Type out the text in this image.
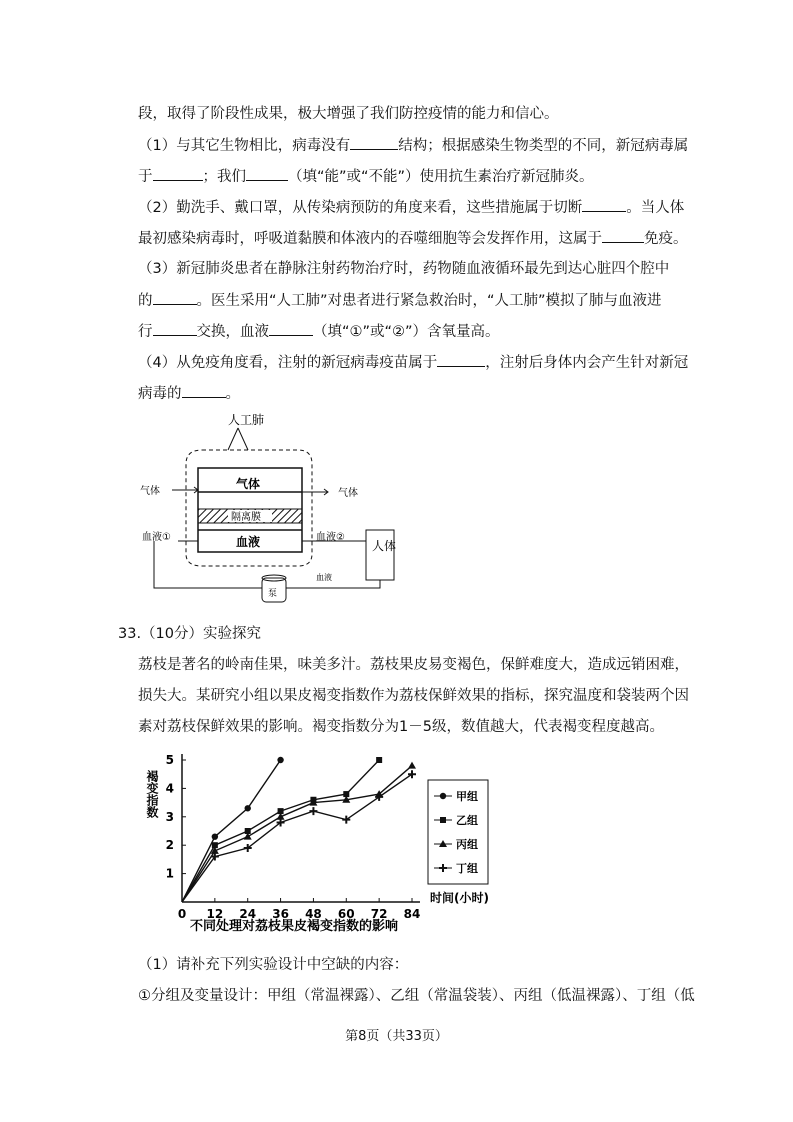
段，取得了阶段性成果，极大增强了我们防控疫情的能力和信心。
（1）与其它生物相比，病毒没有	结构；根据感染生物类型的不同，新冠病毒属
于	；我们	（填“能”或“不能”）使用抗生素治疗新冠肺炎。
（2）勤洗手、戴口罩，从传染病预防的角度来看，这些措施属于切断	。当人体
最初感染病毒时，呼吸道黏膜和体液内的吞噬细胞等会发挥作用，这属于	免疫。
（3）新冠肺炎患者在静脉注射药物治疗时，药物随血液循环最先到达心脏四个腔中
的	。医生采用“人工肺”对患者进行紧急救治时，“人工肺”模拟了肺与血液进
行	交换，血液	（填“①”或“②”）含氧量高。
（4）从免疫角度看，注射的新冠病毒疫苗属于	，注射后身体内会产生针对新冠
病毒的	。
人工肺
气体
隔离膜
血液
气体	气体
血液①	血液②
人体
泵
血液
33.（10分）实验探究
荔枝是著名的岭南佳果，味美多汁。荔枝果皮易变褐色，保鲜难度大，造成远销困难，
损失大。某研究小组以果皮褐变指数作为荔枝保鲜效果的指标，探究温度和袋装两个因
素对荔枝保鲜效果的影响。褐变指数分为1－5级，数值越大，代表褐变程度越高。
0 12 24 36 48 60 72 84
1
2
3
4
5
甲组
乙组
丙组
丁组
褐变指数
时间(小时)
不同处理对荔枝果皮褐变指数的影响
（1）请补充下列实验设计中空缺的内容：
①分组及变量设计：甲组（常温裸露）、乙组（常温袋装）、丙组（低温裸露）、丁组（低
第8页（共33页）
